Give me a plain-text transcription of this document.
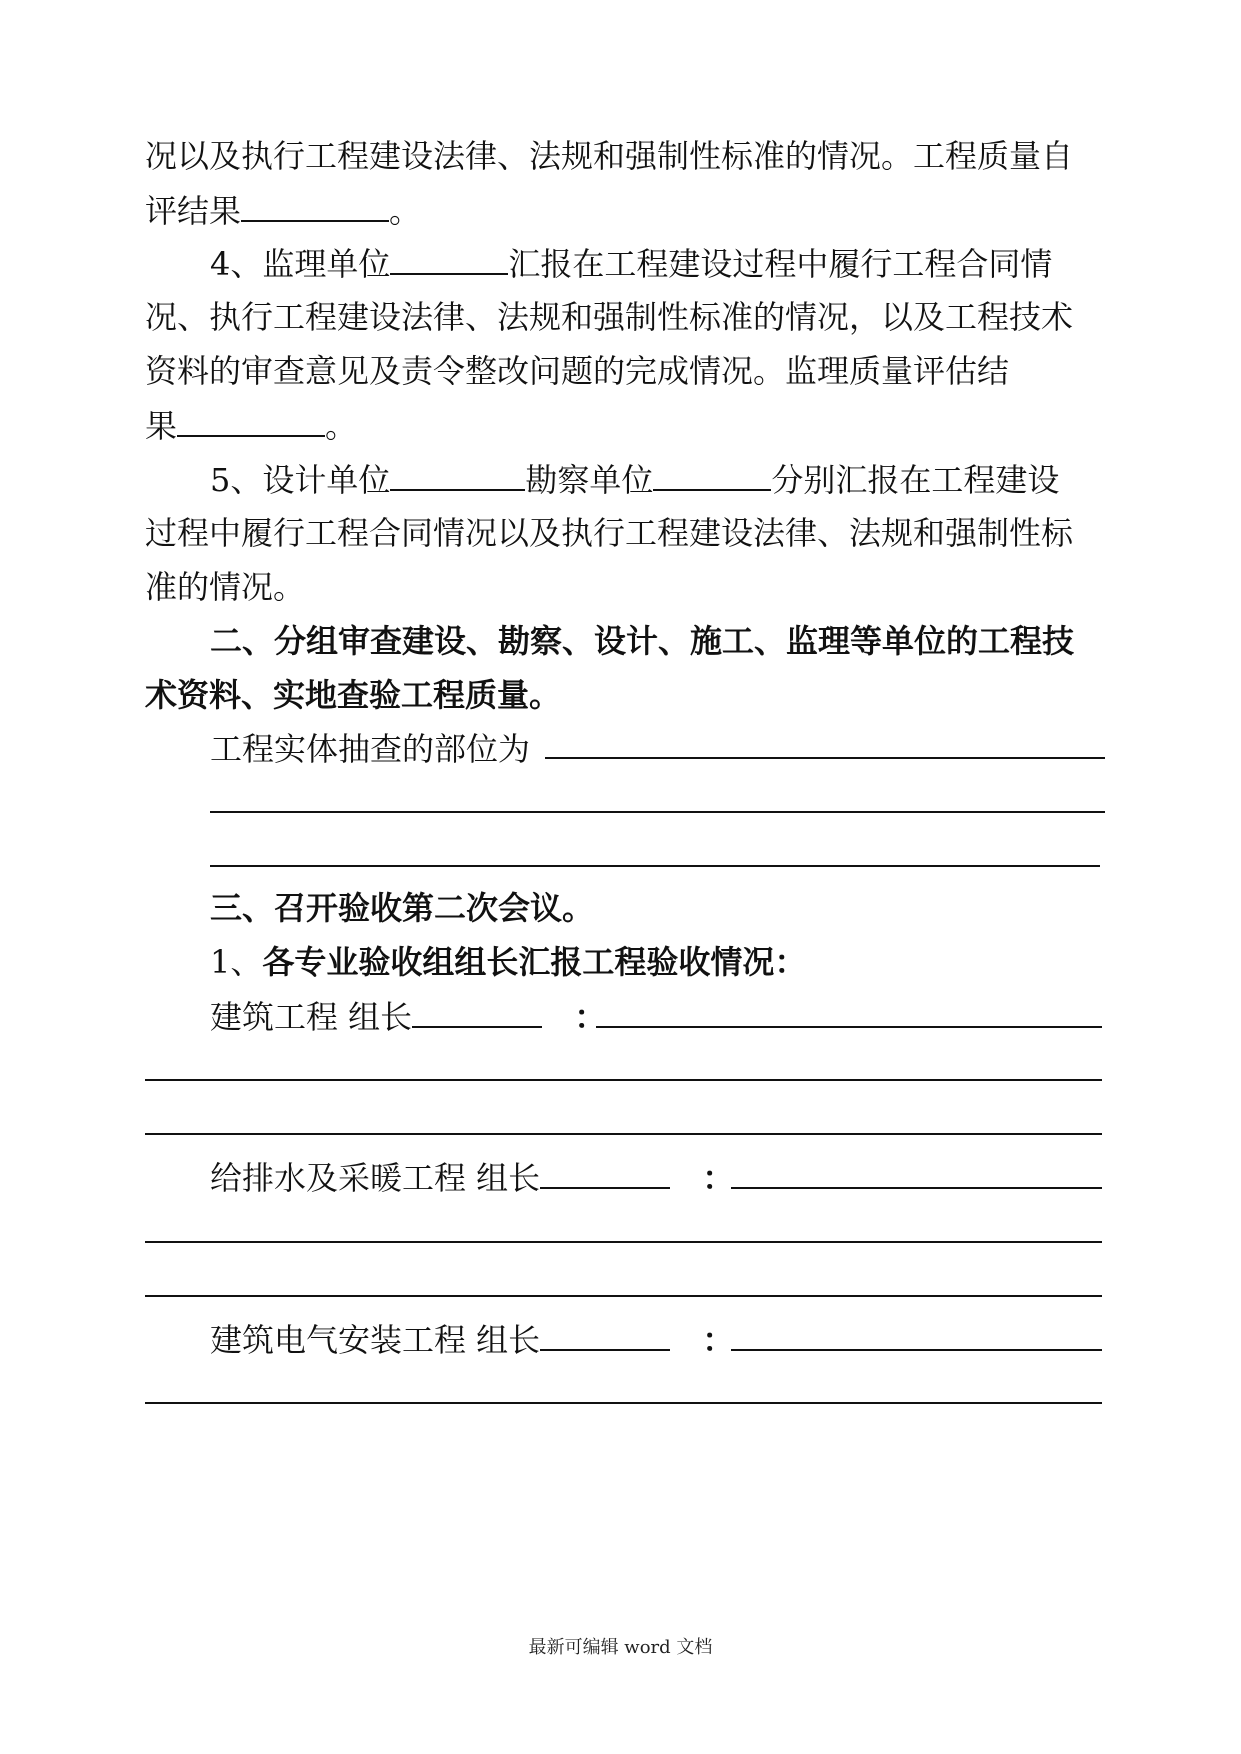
况以及执行工程建设法律、法规和强制性标准的情况。工程质量自
评结果	。
4、监理单位	汇报在工程建设过程中履行工程合同情
况、执行工程建设法律、法规和强制性标准的情况，以及工程技术
资料的审查意见及责令整改问题的完成情况。监理质量评估结
果	。
5、设计单位	勘察单位	分别汇报在工程建设
过程中履行工程合同情况以及执行工程建设法律、法规和强制性标
准的情况。
二、分组审查建设、勘察、设计、施工、监理等单位的工程技
术资料、实地查验工程质量。
工程实体抽查的部位为
三、召开验收第二次会议。
1、各专业验收组组长汇报工程验收情况：
建筑工程 组长	：
给排水及采暖工程 组长	：
建筑电气安装工程 组长	：
最新可编辑 word 文档
